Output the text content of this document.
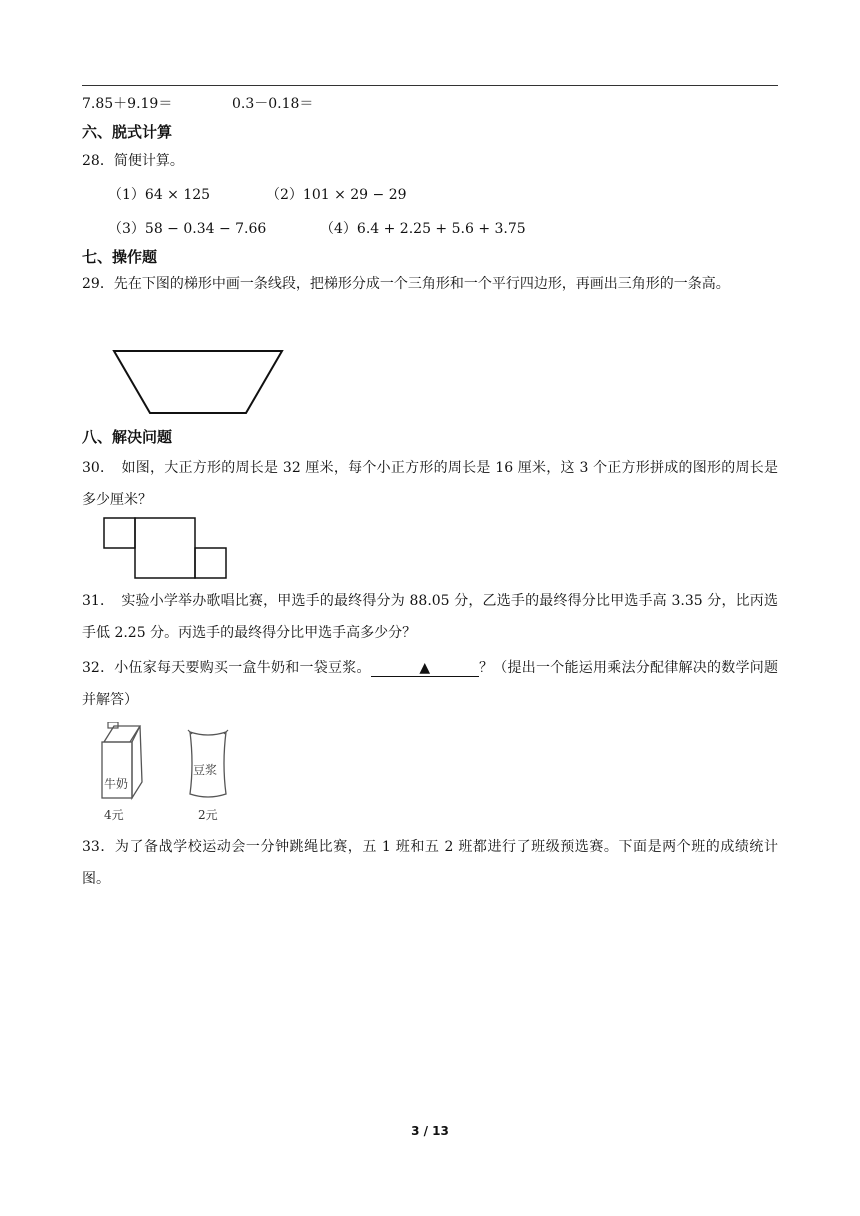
7.85＋9.19＝	0.3－0.18＝
六、脱式计算
28．简便计算。
（1）64 × 125	（2）101 × 29 − 29
（3）58 − 0.34 − 7.66	（4）6.4 + 2.25 + 5.6 + 3.75
七、操作题
29．先在下图的梯形中画一条线段，把梯形分成一个三角形和一个平行四边形，再画出三角形的一条高。
八、解决问题
30．　如图，大正方形的周长是 32 厘米，每个小正方形的周长是 16 厘米，这 3 个正方形拼成的图形的周长是多少厘米？
31．　实验小学举办歌唱比赛，甲选手的最终得分为 88.05 分，乙选手的最终得分比甲选手高 3.35 分，比丙选手低 2.25 分。丙选手的最终得分比甲选手高多少分？
32．小伍家每天要购买一盒牛奶和一袋豆浆。	▲	？（提出一个能运用乘法分配律解决的数学问题并解答）
牛奶
4元
豆浆
2元
33．为了备战学校运动会一分钟跳绳比赛，五 1 班和五 2 班都进行了班级预选赛。下面是两个班的成绩统计图。
3 / 13
